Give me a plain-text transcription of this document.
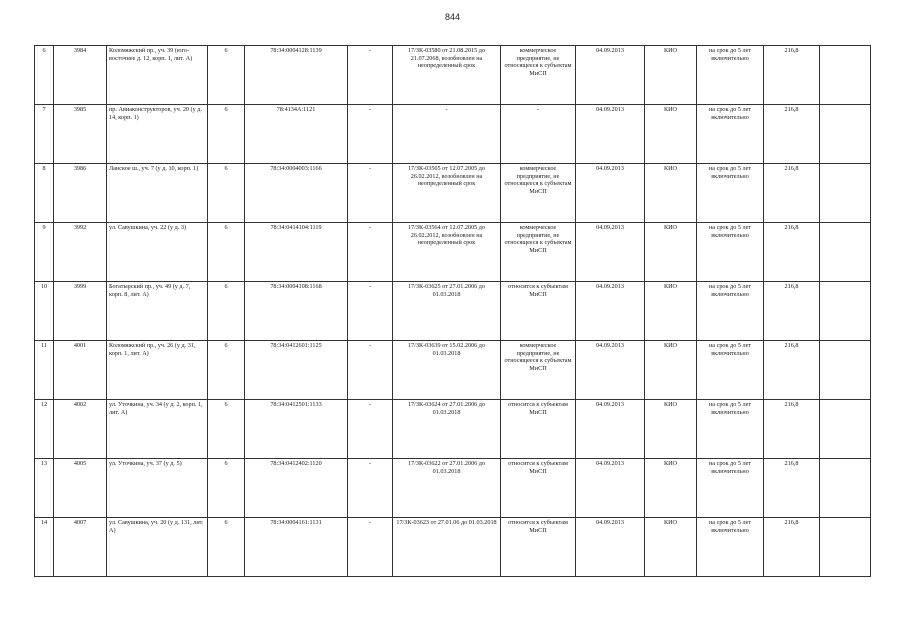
844
6	3984	Коломяжский пр., уч. 39 (юго-восточнее д. 12, корп. 1, лит. А)	6	78:34:0004128:1139	-	17/ЗК-03580 от 21.08.2015 до 21.07.2068, возобновлен на неопределенный срок	коммерческое предприятие, не относящееся к субъектам МиСП	04.09.2013	КИО	на срок до 5 лет включительно	216,8	
7	3985	пр. Авиаконструкторов, уч. 20 (у д. 14, корп. 1)	6	78:4134А:1121	-	-	-	04.09.2013	КИО	на срок до 5 лет включительно	216,8	
8	3986	Ланское ш., уч. 7 (у д. 10, корп. 1)	6	78:34:0004003:1166	-	17/ЗК-03565 от 12.07.2005 до 26.02.2012, возобновлен на неопределенный срок	коммерческое предприятие, не относящееся к субъектам МиСП	04.09.2013	КИО	на срок до 5 лет включительно	216,8	
9	3992	ул. Савушкина, уч. 22 (у д. 3)	6	78:34:0414104:1119	-	17/ЗК-03564 от 12.07.2005 до 26.02.2012, возобновлен на неопределенный срок	коммерческое предприятие, не относящееся к субъектам МиСП	04.09.2013	КИО	на срок до 5 лет включительно	216,8	
10	3999	Богатырский пр., уч. 49 (у д. 7, корп. 8, лит. А)	6	78:34:0004108:1168	-	17/ЗК-03625 от 27.01.2006 до 01.03.2018	относится к субъектам МиСП	04.09.2013	КИО	на срок до 5 лет включительно	216,8	
11	4001	Коломяжский пр., уч. 26 (у д. 31, корп. 1, лит. А)	6	78:34:0412601:1125	-	17/ЗК-03639 от 15.02.2006 до 01.03.2018	коммерческое предприятие, не относящееся к субъектам МиСП	04.09.2013	КИО	на срок до 5 лет включительно	216,8	
12	4002	ул. Уточкина, уч. 34 (у д. 2, корп. 1, лит. А)	6	78:34:0412501:1133	-	17/ЗК-03624 от 27.01.2006 до 01.03.2018	относится к субъектам МиСП	04.09.2013	КИО	на срок до 5 лет включительно	216,8	
13	4005	ул. Уточкина, уч. 37 (у д. 5)	6	78:34:0412402:1120	-	17/ЗК-03622 от 27.01.2006 до 01.03.2018	относится к субъектам МиСП	04.09.2013	КИО	на срок до 5 лет включительно	216,8	
14	4007	ул. Савушкина, уч. 20 (у д. 131, лит. А)	6	78:34:0004161:1131	-	17/ЗК-03623 от 27.01.06 до 01.03.2018	относится к субъектам МиСП	04.09.2013	КИО	на срок до 5 лет включительно	216,8	
